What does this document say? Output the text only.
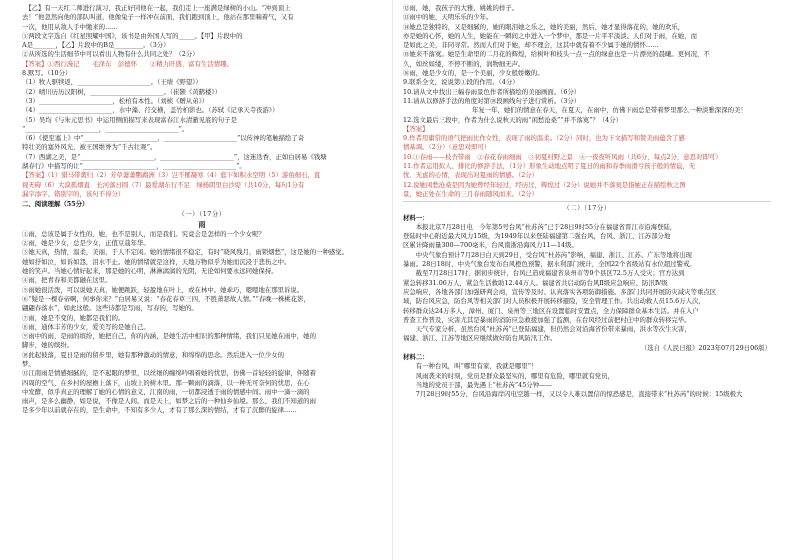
　【乙】有一天红二师进行演习，我正好同他在一起，我们走上一座满是绿树的小山。“冲到顶上
去！”他忽然向他的部队叫道，他像兔子一样冲在前面，我们跑到顶上，他站在那里喘着气，又有
一次，他用从敌人手中缴来的......
①两段文字选自《红星照耀中国》，该书是由外国人写的_____。【甲】片段中的
A是_______，【乙】片段中的B是_________。（3分）
②从所选的生活细节中可以看出人物有什么共同之处？（2分）
【答案】①西行漫记　　毛泽东　彭德怀　　②精力旺盛、富有生活情趣。
8.默写。（10分）
（1）牧人驱犊返，_______________________。（王绩《野望》）
（2）晴川历历汉阳树，_______________________。（崔颢《黄鹤楼》）
（3）_______________________，松柏有本性。（刘桢《赠从弟》）
（4）_______________________，水中藻、荇交横，盖竹柏影也。（苏轼《记承天寺夜游》）
（5）吴均《与朱元思书》中运用侧面描写来表现富春江水清澈见底的句子是
“_______________________，_______________________”。
（6）《使至塞上》中“_______________________，_______________________”以传神的笔触描绘了奇
特壮美的塞外风光，被王国维誉为“千古壮观”。
（7）西湖之美，是“_______________________，_______________________”，这迷迭香，正如白居易《钱塘
湖春行》中描写的让“_______________________，_______________________”。
【答案】（1）猎马带禽归（2）芳草萋萋鹦鹉洲（3）岂不罹凝寒（4）庭下如积水空明（5）游鱼细石，直
视无碍（6）大漠孤烟直　长河落日圆（7）最爱湖东行不足　绿杨阴里白沙堤（共10分，每句1分有
漏字添字、错别字的，该句不得分）
二、阅读理解（55分）
（一）（17分）
雨
①雨，总该是属于女性的，她，也不是别人，而是我们。究竟会是怎样的一个少女呢？
②雨，她是少女，总是少女，正值豆蔻年华。
③她天真，热情，温柔，美丽，于人不定闲。她的情绪很不稳定，有时“晓风残月，雨锁烟愁”，这是她的一种感觉。
她如抒如泣，如诉如怨，泪水不止。她的情绪就是这样，天地万物似乎为她而沉浸于悲伤之中。
她的笑声。当她心情好起来，那是她的心明，淋淋漓漓的光阴，无论如何要永远同她保持。
④雨，把青春和美都融在这里。
⑤雨她很活泼，可以说她天真，她便跳跃，轻盈地在叶上，或在林中。她乖巧，嗯嗯地在那里诉说。
⑥“疑是一棵春帝啊，何事你来？”白居易又说：“春花春草三四，不胜萧瑟故人情。”“春晚一株桃花影，
翩翩春落水”，如此这般。这些诗都是写雨，写春的，写她的。
⑦雨，她是不变的，她都是我们的。
⑧雨，通体丰芳的少女，爱美写的是她自己。
⑨雨中的雨，是雨的缤纷，她把自己，你的内涵，是她生活中相识的那种情绪，我们只见她在雨中，她的
脚步，她的缤纷。
⑩此起彼落，夏日是雨的留步里，她有那种激动的情意，和绵绵的思念。然后进入一位少女的
梦。
⑪江南雨是情感细腻的，是不起眼的梦里，以丝细的缠绵吟唱着她的忧思，仿佛一首轻轻的旋律，伴随着
四周的空气，在乡村的屋檐上落下，山坡上的树木里。那一颗雨的滴落，以一种无可奈何的忧思，在心
中发酵，似乎真正的理解了她的心情的意义，江南的雨，一切都浸透于雨的情感中间。雨中一滴一滴的
雨声，是多么幽静，如是说，不像是人间。而是天上，如梦之后的一种仙乡仙境。那么，我们不知道的雨
是多少年以前就存在的，是生命中，不知有多少人，才有了那么深的情结，才有了沉醉的旋律……
⑫雨，她，我孩子的大雅，姚姚的样子。
⑬雨中的她，天明乐乐的少年。
⑭她总是独特的，又是细腻的，她的眼泪她之乐之，她的美丽，然后，她才显得落花的，她的欢乐，
亦是她的心怀，她的人生，她能在一瞬间之中进入一个梦中，那是一片平平淡淡。人们对于雨，在她，而
是如此之美，非同寻常。然而人们对于她，却不理会，这其中就有着不少属于她的情怀……
⑮她来不落寞。她是生命里的二月花的辉煌，给树叶和枝头一点一点的绿意也是一片漂亮的晨曦。更何况，不
久，如丝如缕，不停不断的，润物细无声。
⑯雨，她是少女的，是一个美丽，少女般娇嫩的。
9.联系全文，说说第①段的作用。（4分）
10.请从文中找出三幅春雨景色作者所描绘的美丽画面。（6分）
11.请从以修辞手法的角度对第⑩段画线句子进行赏析。（3分）
　　　　　　　年复一年，她们的情意在春天，在夏天，在雨中，仿佛下雨总是带着梦里那么一种淡雅深深的美！
12.选文最后三段中，作者为什么说秋天的雨“闲愁沧桑”“并不落寞”？（4分）
【答案】
9.作者用庸常的语气把雨比作女性，表现了雨的温柔。（2分）同时，也为下文描写和赞美雨蕴含了感
情基调。（2分）（意思对即可）
10.①春雨——枝杏带雨　②春花春雨细雨　③初夏村野之景　④一夜夜听风雨（共6分，每点2分，意思对即可）
11.作者运用拟人、排比的修辞手法，（1分）形象生动地点明了夏日的雨和春季雨滑亏孩子般的情谊，无
忧、无虑的心情，表现出对夏雨的情感。（2分）
12.说她闲愁沧桑是因为她曾经年轻过，经历过，辉煌过（2分）说她并不落寞是指她正在描绘秋之图
景，她正处在生命的三月春雨随风而来。（2分）
（二）（17分）
材料一：
　　本报北京7月28日电　今年第5号台风“杜苏芮”已于28日9时55分在福建省晋江市沿海登陆，
登陆时中心附近最大风力15级，为1949年以来登陆福建第二强台风，台风、浙江、江苏部分地
区累计降雨量300—700毫米，台风南浙沿海风力11—14级。
　　中央气象台预计7月28日白天到29日，受台风“杜苏芮”影响，福建、浙江、江苏、广东等地将出现
暴雨。28日18时，中央气象台发布台风橙色预警，据水利部门统计，全国22个省级站有水位超过警戒。
　　截至7月28日17时，据初步统计，台风已造成福建省泉州市等9个县区72.5万人受灾；官方达到
紧急转移31.06万人，紧急生活救助12.44万人。福建省共启动防台风Ⅱ级应急响应、防汛Ⅳ级
应急响应，各地各部门加强研判会商，宣传等及时、认真落实各项防御措施。多部门共同开展防灾减灾等重点区
域，防台风应急，防台风等相关部门对人员积极开展转移避险，安全管理工作。共出动救人员15.6万人次，
转移群众达24万多人，漳州、厦门、泉州等三地区在设置临时安置点，全力保障群众基本生活。并在入户
普查工作普及，灾害尤其是暴雨的消防应急救援加强了监测，在台风经过前把村庄中的群众转移完毕。
　　天气专家分析，虽然台风“杜苏芮”已登陆福建，但仍然会对沿海省份带来暴雨，洪水等次生灾害，
福建、浙江、江苏等地区应继续做好防台风防汛工作。
（选自《人民日报》2023年07月29日06版）
材料二：
　　有一种台风，叫“哪里有家，我就是哪里”！
　　风雨袭来的时刻，党员是群众最坚实的，哪里有危险，哪里就有党员，
　　当地的党员干部，最先遇上“杜苏芮”45分钟——
　　7月28日9时55分，台风沿海岸闪电空越一样，又以令人难以置信的惊恐感是，直接带来“杜苏芮”的时候：15级极大
